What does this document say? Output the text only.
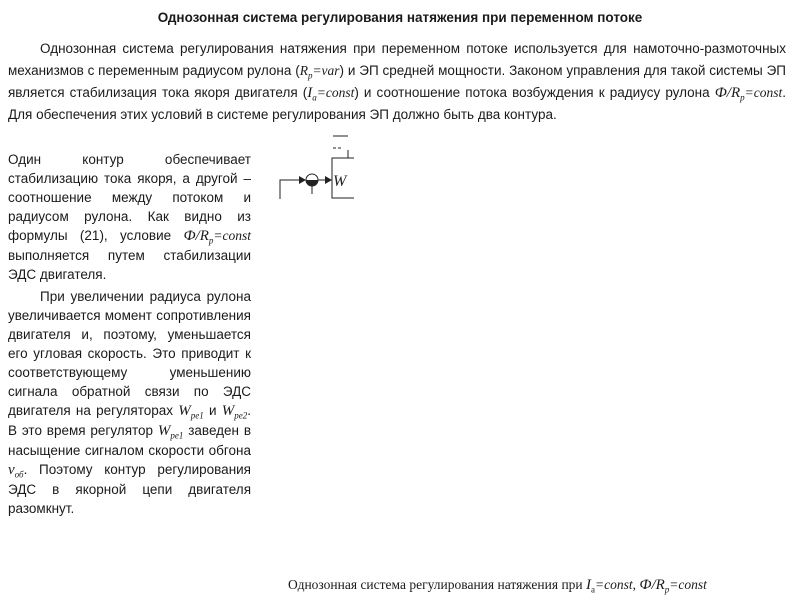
Однозонная система регулирования натяжения при переменном потоке

Однозонная система регулирования натяжения при переменном потоке используется для намоточно-размоточных механизмов с переменным радиусом рулона $(R_р=var)$ и ЭП средней мощности. Законом управления для такой системы ЭП является стабилизация тока якоря двигателя $(I_а=const)$ и соотношение потока возбуждения к радиусу рулона $Ф/R_р=const$. Для обеспечения этих условий в системе регулирования ЭП должно быть два контура.

Один контур обеспечивает стабилизацию тока якоря, а другой – соотношение между потоком и радиусом рулона. Как видно из формулы (21), условие $Ф/R_р=const$ выполняется путем стабилизации ЭДС двигателя.

При увеличении радиуса рулона увеличивается момент сопротивления двигателя и, поэтому, уменьшается его угловая скорость. Это приводит к соответствующему уменьшению сигнала обратной связи по ЭДС двигателя на регуляторах $W_{pe1}$ и $W_{pe2}$. В это время регулятор $W_{pe1}$ заведен в насыщение сигналом скорости обгона $v_{об}$. Поэтому контур регулирования ЭДС в якорной цепи двигателя разомкнут.

W

Однозонная система регулирования натяжения при $I_a=const$, $Ф/R_р=const$
